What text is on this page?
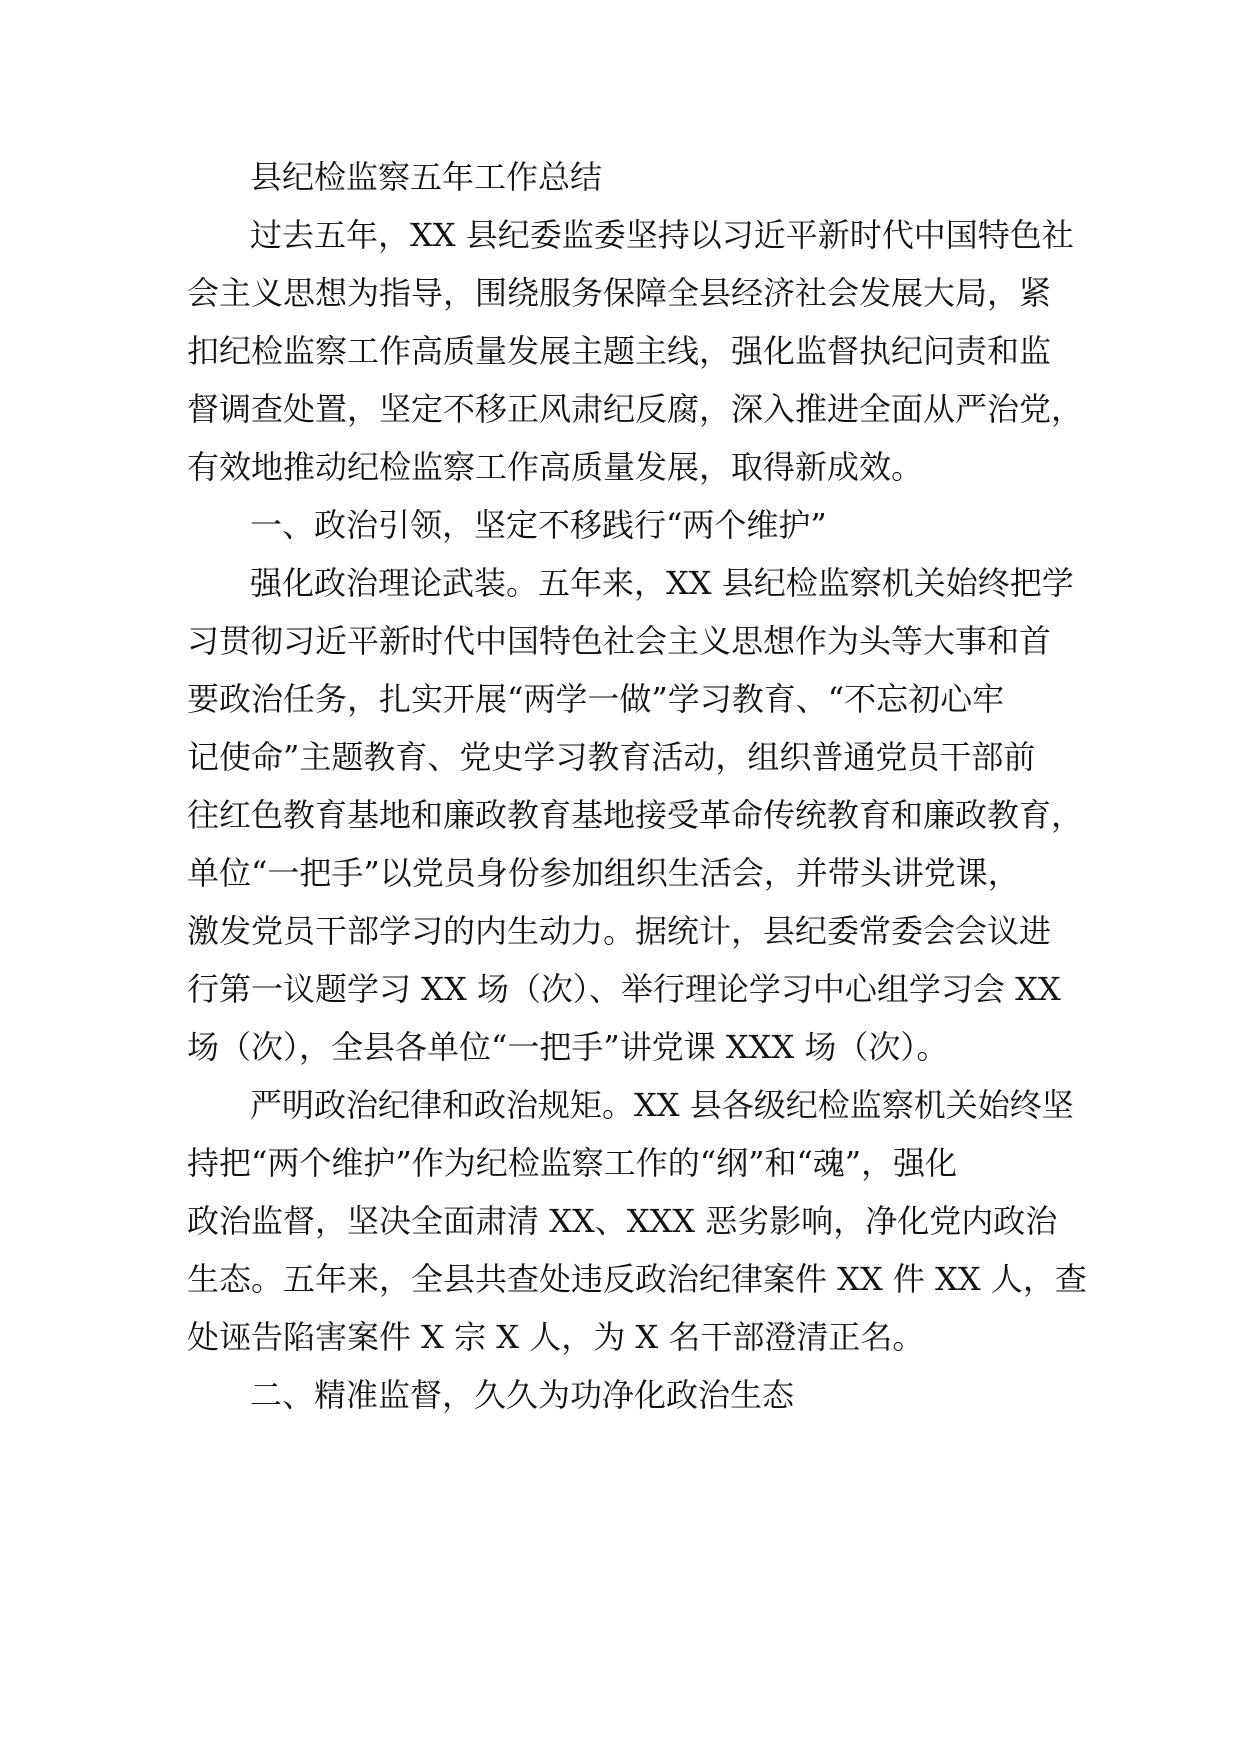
县纪检监察五年工作总结
过去五年，XX 县纪委监委坚持以习近平新时代中国特色社
会主义思想为指导，围绕服务保障全县经济社会发展大局，紧
扣纪检监察工作高质量发展主题主线，强化监督执纪问责和监
督调查处置，坚定不移正风肃纪反腐，深入推进全面从严治党，
有效地推动纪检监察工作高质量发展，取得新成效。
一、政治引领，坚定不移践行“两个维护”
强化政治理论武装。五年来，XX 县纪检监察机关始终把学
习贯彻习近平新时代中国特色社会主义思想作为头等大事和首
要政治任务，扎实开展“两学一做”学习教育、“不忘初心牢
记使命”主题教育、党史学习教育活动，组织普通党员干部前
往红色教育基地和廉政教育基地接受革命传统教育和廉政教育，
单位“一把手”以党员身份参加组织生活会，并带头讲党课，
激发党员干部学习的内生动力。据统计，县纪委常委会会议进
行第一议题学习 XX 场（次）、举行理论学习中心组学习会 XX
场（次），全县各单位“一把手”讲党课 XXX 场（次）。
严明政治纪律和政治规矩。XX 县各级纪检监察机关始终坚
持把“两个维护”作为纪检监察工作的“纲”和“魂”，强化
政治监督，坚决全面肃清 XX、XXX 恶劣影响，净化党内政治
生态。五年来，全县共查处违反政治纪律案件 XX 件 XX 人，查
处诬告陷害案件 X 宗 X 人，为 X 名干部澄清正名。
二、精准监督，久久为功净化政治生态
